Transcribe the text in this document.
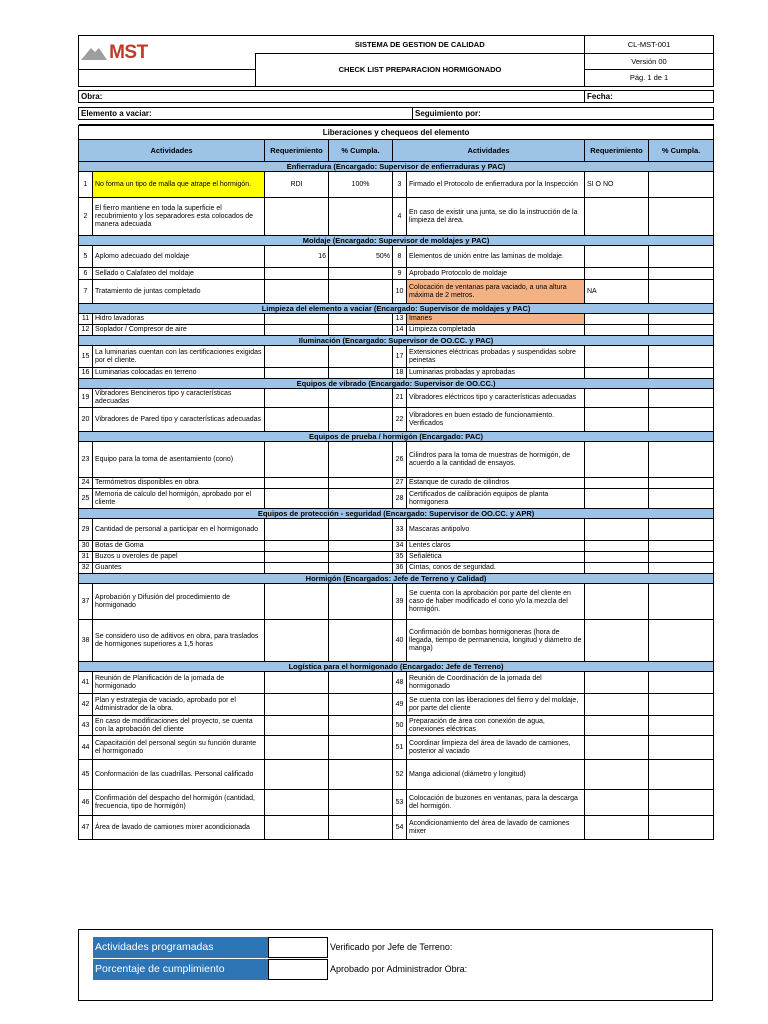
MST	SISTEMA DE GESTION DE CALIDAD	CL-MST-001
	CHECK LIST PREPARACION HORMIGONADO	Versión 00
		Pág. 1 de 1
Obra:		Fecha:

Elemento a vaciar:	Seguimiento por:	

Liberaciones y chequeos del elemento							
Actividades		Requerimiento	% Cumpla.	Actividades		Requerimiento	% Cumpla.
Enfierradura (Encargado: Supervisor de enfierraduras y PAC)							
1	No forma un tipo de malla que atrape el hormigón.	RDI	100%	3	Firmado el Protocolo de enfierradura por la Inspección	SI O NO	
2	El fierro mantiene en toda la superficie el recubrimiento y los separadores esta colocados de manera adecuada			4	En caso de existir una junta, se dio la instrucción de la limpieza del área.		
Moldaje (Encargado: Supervisor de moldajes y PAC)							
5	Aplomo adecuado del moldaje	16	50%	8	Elementos de unión entre las laminas de moldaje.		
6	Sellado o Calafateo del moldaje			9	Aprobado Protocolo de moldaje		
7	Tratamiento de juntas completado			10	Colocación de ventanas para vaciado, a una altura máxima de 2 metros.	NA	
Limpieza del elemento a vaciar (Encargado: Supervisor de moldajes y PAC)							
11	Hidro lavadoras			13	Imanes		
12	Soplador / Compresor de aire			14	Limpieza completada		
Iluminación (Encargado: Supervisor de OO.CC. y PAC)							
15	La luminarias cuentan con las certificaciones exigidas por el cliente.			17	Extensiones eléctricas probadas y suspendidas sobre peinetas		
16	Luminarias colocadas en terreno			18	Luminarias probadas y aprobadas		
Equipos de vibrado (Encargado: Supervisor de OO.CC.)							
19	Vibradores Bencineros tipo y características adecuadas			21	Vibradores eléctricos tipo y características adecuadas		
20	Vibradores de Pared tipo y características adecuadas			22	Vibradores en buen estado de funcionamiento. Verificados		
Equipos de prueba / hormigón (Encargado: PAC)							
23	Equipo para la toma de asentamiento (cono)			26	Cilindros para la toma de muestras de hormigón, de acuerdo a la cantidad de ensayos.		
24	Termómetros disponibles en obra			27	Estanque de curado de cilindros		
25	Memoria de calculo del hormigón, aprobado por el cliente			28	Certificados de calibración equipos de planta hormigonera		
Equipos de protección - seguridad (Encargado: Supervisor de OO.CC. y APR)							
29	Cantidad de personal a participar en el hormigonado			33	Mascaras antipolvo		
30	Botas de Goma			34	Lentes claros		
31	Buzos u overoles de papel			35	Señalética		
32	Guantes			36	Cintas, conos de seguridad.		
Hormigón (Encargados: Jefe de Terreno y Calidad)							
37	Aprobación y Difusión del procedimiento de hormigonado			39	Se cuenta con la aprobación por parte del cliente en caso de haber modificado el cono y/o la mezcla del hormigón.		
38	Se considero uso de aditivos en obra, para traslados de hormigones superiores a 1,5 horas			40	Confirmación de bombas hormigoneras (hora de llegada, tiempo de permanencia, longitud y diámetro de manga)		
Logística para el hormigonado (Encargado: Jefe de Terreno)							
41	Reunión de Planificación de la jornada de hormigonado			48	Reunión de Coordinación de la jornada del hormigonado		
42	Plan y estrategia de vaciado, aprobado por el Administrador de la obra.			49	Se cuenta con las liberaciones del fierro y del moldaje, por parte del cliente		
43	En caso de modificaciones del proyecto, se cuenta con la aprobación del cliente			50	Preparación de área con conexión de agua, conexiones eléctricas		
44	Capacitación del personal según su función durante el hormigonado			51	Coordinar limpieza del área de lavado de camiones, posterior al vaciado		
45	Conformación de las cuadrillas. Personal calificado			52	Manga adicional (diámetro y longitud)		
46	Confirmación del despacho del hormigón (cantidad, frecuencia, tipo de hormigón)			53	Colocación de buzones en ventanas, para la descarga del hormigón.		
47	Área de lavado de camiones mixer acondicionada			54	Acondicionamiento del área de lavado de camiones mixer		
Actividades programadas	Verificado por Jefe de Terreno:
Porcentaje de cumplimiento	Aprobado por Administrador Obra:
